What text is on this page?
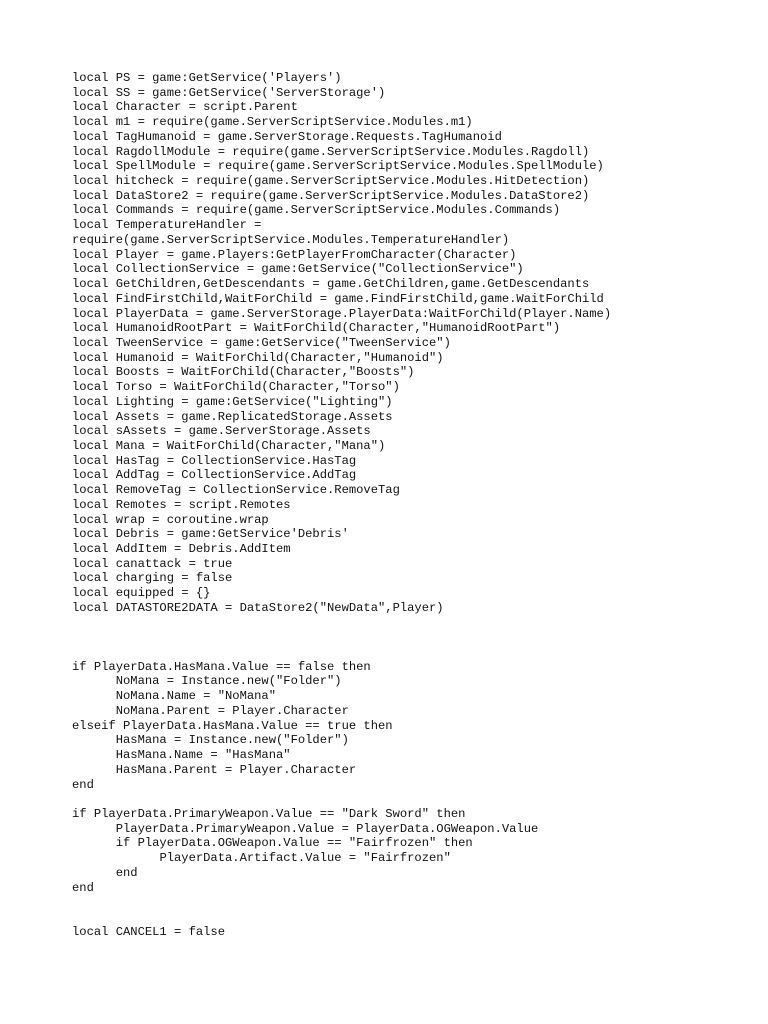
local PS = game:GetService('Players')
local SS = game:GetService('ServerStorage')
local Character = script.Parent
local m1 = require(game.ServerScriptService.Modules.m1)
local TagHumanoid = game.ServerStorage.Requests.TagHumanoid
local RagdollModule = require(game.ServerScriptService.Modules.Ragdoll)
local SpellModule = require(game.ServerScriptService.Modules.SpellModule)
local hitcheck = require(game.ServerScriptService.Modules.HitDetection)
local DataStore2 = require(game.ServerScriptService.Modules.DataStore2)
local Commands = require(game.ServerScriptService.Modules.Commands)
local TemperatureHandler =
require(game.ServerScriptService.Modules.TemperatureHandler)
local Player = game.Players:GetPlayerFromCharacter(Character)
local CollectionService = game:GetService("CollectionService")
local GetChildren,GetDescendants = game.GetChildren,game.GetDescendants
local FindFirstChild,WaitForChild = game.FindFirstChild,game.WaitForChild
local PlayerData = game.ServerStorage.PlayerData:WaitForChild(Player.Name)
local HumanoidRootPart = WaitForChild(Character,"HumanoidRootPart")
local TweenService = game:GetService("TweenService")
local Humanoid = WaitForChild(Character,"Humanoid")
local Boosts = WaitForChild(Character,"Boosts")
local Torso = WaitForChild(Character,"Torso")
local Lighting = game:GetService("Lighting")
local Assets = game.ReplicatedStorage.Assets
local sAssets = game.ServerStorage.Assets
local Mana = WaitForChild(Character,"Mana")
local HasTag = CollectionService.HasTag
local AddTag = CollectionService.AddTag
local RemoveTag = CollectionService.RemoveTag
local Remotes = script.Remotes
local wrap = coroutine.wrap
local Debris = game:GetService'Debris'
local AddItem = Debris.AddItem
local canattack = true
local charging = false
local equipped = {}
local DATASTORE2DATA = DataStore2("NewData",Player)
if PlayerData.HasMana.Value == false then
	NoMana = Instance.new("Folder")
	NoMana.Name = "NoMana"
	NoMana.Parent = Player.Character
elseif PlayerData.HasMana.Value == true then
	HasMana = Instance.new("Folder")
	HasMana.Name = "HasMana"
	HasMana.Parent = Player.Character
end
if PlayerData.PrimaryWeapon.Value == "Dark Sword" then
	PlayerData.PrimaryWeapon.Value = PlayerData.OGWeapon.Value
	if PlayerData.OGWeapon.Value == "Fairfrozen" then
		PlayerData.Artifact.Value = "Fairfrozen"
	end
end
local CANCEL1 = false
